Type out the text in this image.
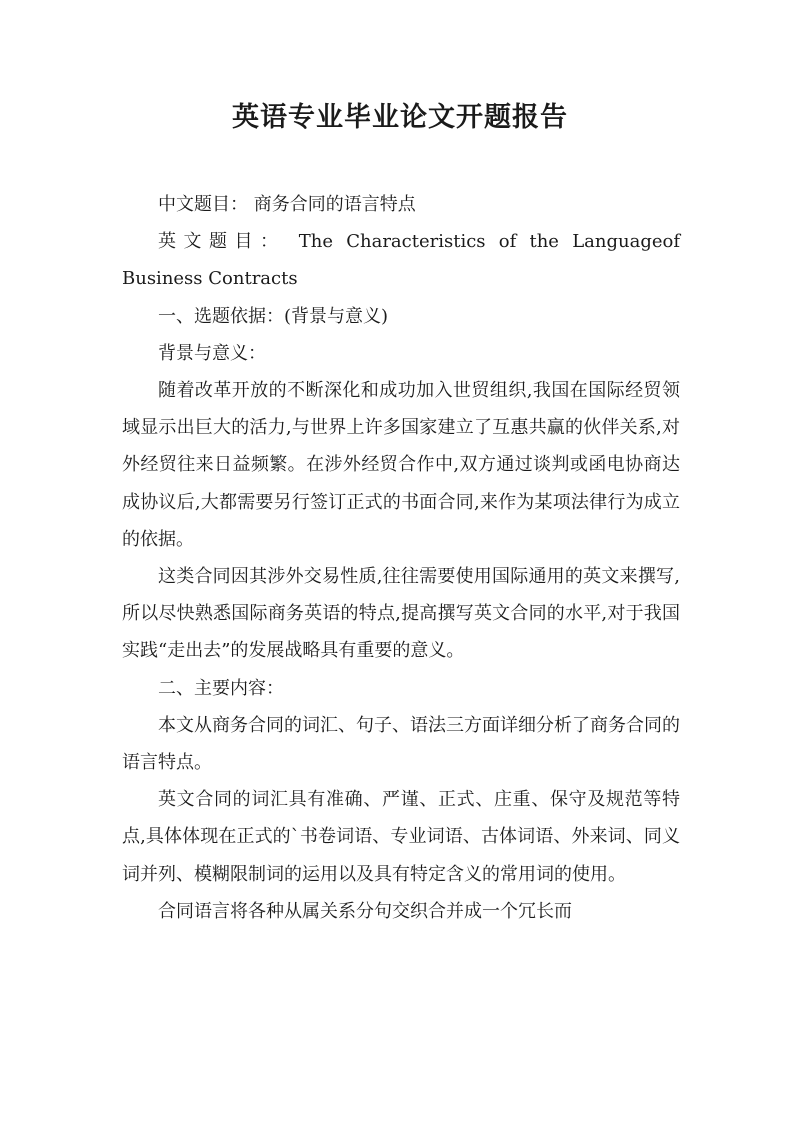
英语专业毕业论文开题报告

中文题目： 商务合同的语言特点

英文题目： The Characteristics of the Languageof Business Contracts

一、选题依据：(背景与意义)

背景与意义：

随着改革开放的不断深化和成功加入世贸组织,我国在国际经贸领域显示出巨大的活力,与世界上许多国家建立了互惠共赢的伙伴关系,对外经贸往来日益频繁。在涉外经贸合作中,双方通过谈判或函电协商达成协议后,大都需要另行签订正式的书面合同,来作为某项法律行为成立的依据。

这类合同因其涉外交易性质,往往需要使用国际通用的英文来撰写,所以尽快熟悉国际商务英语的特点,提高撰写英文合同的水平,对于我国实践“走出去”的发展战略具有重要的意义。

二、主要内容：

本文从商务合同的词汇、句子、语法三方面详细分析了商务合同的语言特点。

英文合同的词汇具有准确、严谨、正式、庄重、保守及规范等特点,具体体现在正式的`书卷词语、专业词语、古体词语、外来词、同义词并列、模糊限制词的运用以及具有特定含义的常用词的使用。

合同语言将各种从属关系分句交织合并成一个冗长而
